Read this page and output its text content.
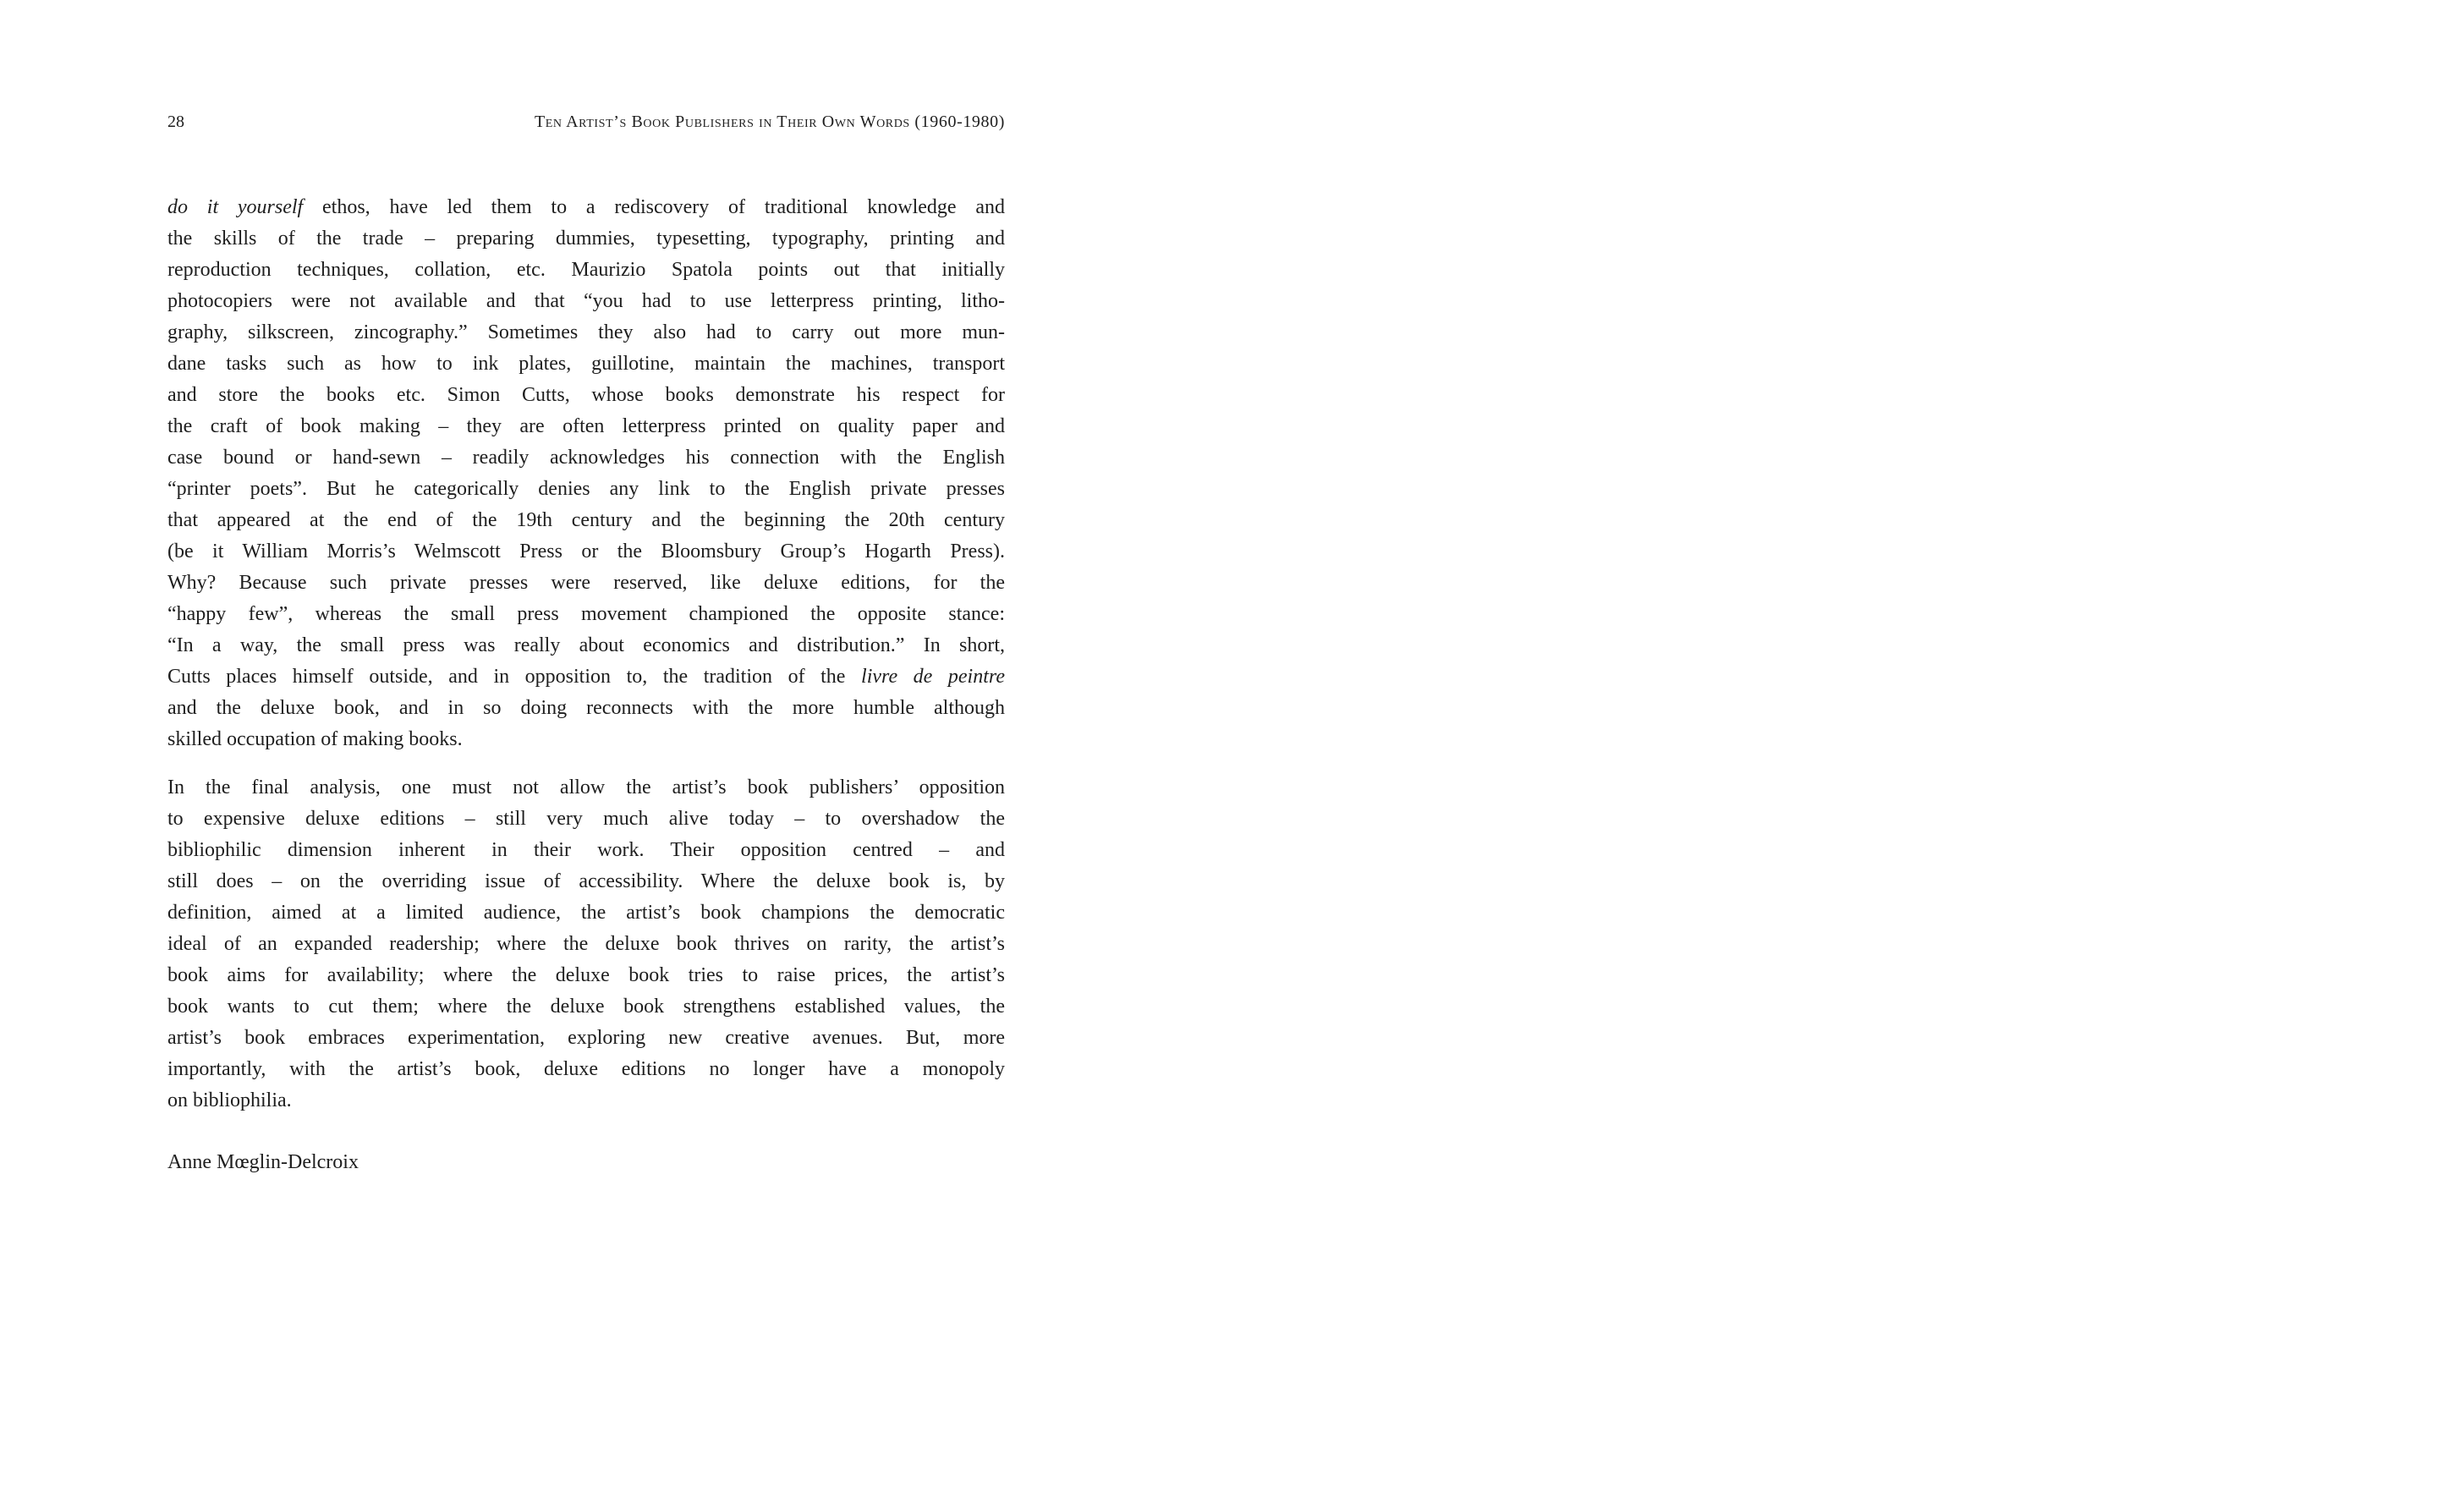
28	Ten Artist’s Book Publishers in Their Own Words (1960-1980)
do it yourself ethos, have led them to a rediscovery of traditional knowledge and
the skills of the trade – preparing dummies, typesetting, typography, printing and
reproduction techniques, collation, etc. Maurizio Spatola points out that initially
photocopiers were not available and that “you had to use letterpress printing, litho-
graphy, silkscreen, zincography.” Sometimes they also had to carry out more mun-
dane tasks such as how to ink plates, guillotine, maintain the machines, transport
and store the books etc. Simon Cutts, whose books demonstrate his respect for
the craft of book making – they are often letterpress printed on quality paper and
case bound or hand-sewn – readily acknowledges his connection with the English
“printer poets”. But he categorically denies any link to the English private presses
that appeared at the end of the 19th century and the beginning the 20th century
(be it William Morris’s Welmscott Press or the Bloomsbury Group’s Hogarth Press).
Why? Because such private presses were reserved, like deluxe editions, for the
“happy few”, whereas the small press movement championed the opposite stance:
“In a way, the small press was really about economics and distribution.” In short,
Cutts places himself outside, and in opposition to, the tradition of the livre de peintre
and the deluxe book, and in so doing reconnects with the more humble although
skilled occupation of making books.
In the final analysis, one must not allow the artist’s book publishers’ opposition
to expensive deluxe editions – still very much alive today – to overshadow the
bibliophilic dimension inherent in their work. Their opposition centred – and
still does – on the overriding issue of accessibility. Where the deluxe book is, by
definition, aimed at a limited audience, the artist’s book champions the democratic
ideal of an expanded readership; where the deluxe book thrives on rarity, the artist’s
book aims for availability; where the deluxe book tries to raise prices, the artist’s
book wants to cut them; where the deluxe book strengthens established values, the
artist’s book embraces experimentation, exploring new creative avenues. But, more
importantly, with the artist’s book, deluxe editions no longer have a monopoly
on bibliophilia.
Anne Mœglin-Delcroix
